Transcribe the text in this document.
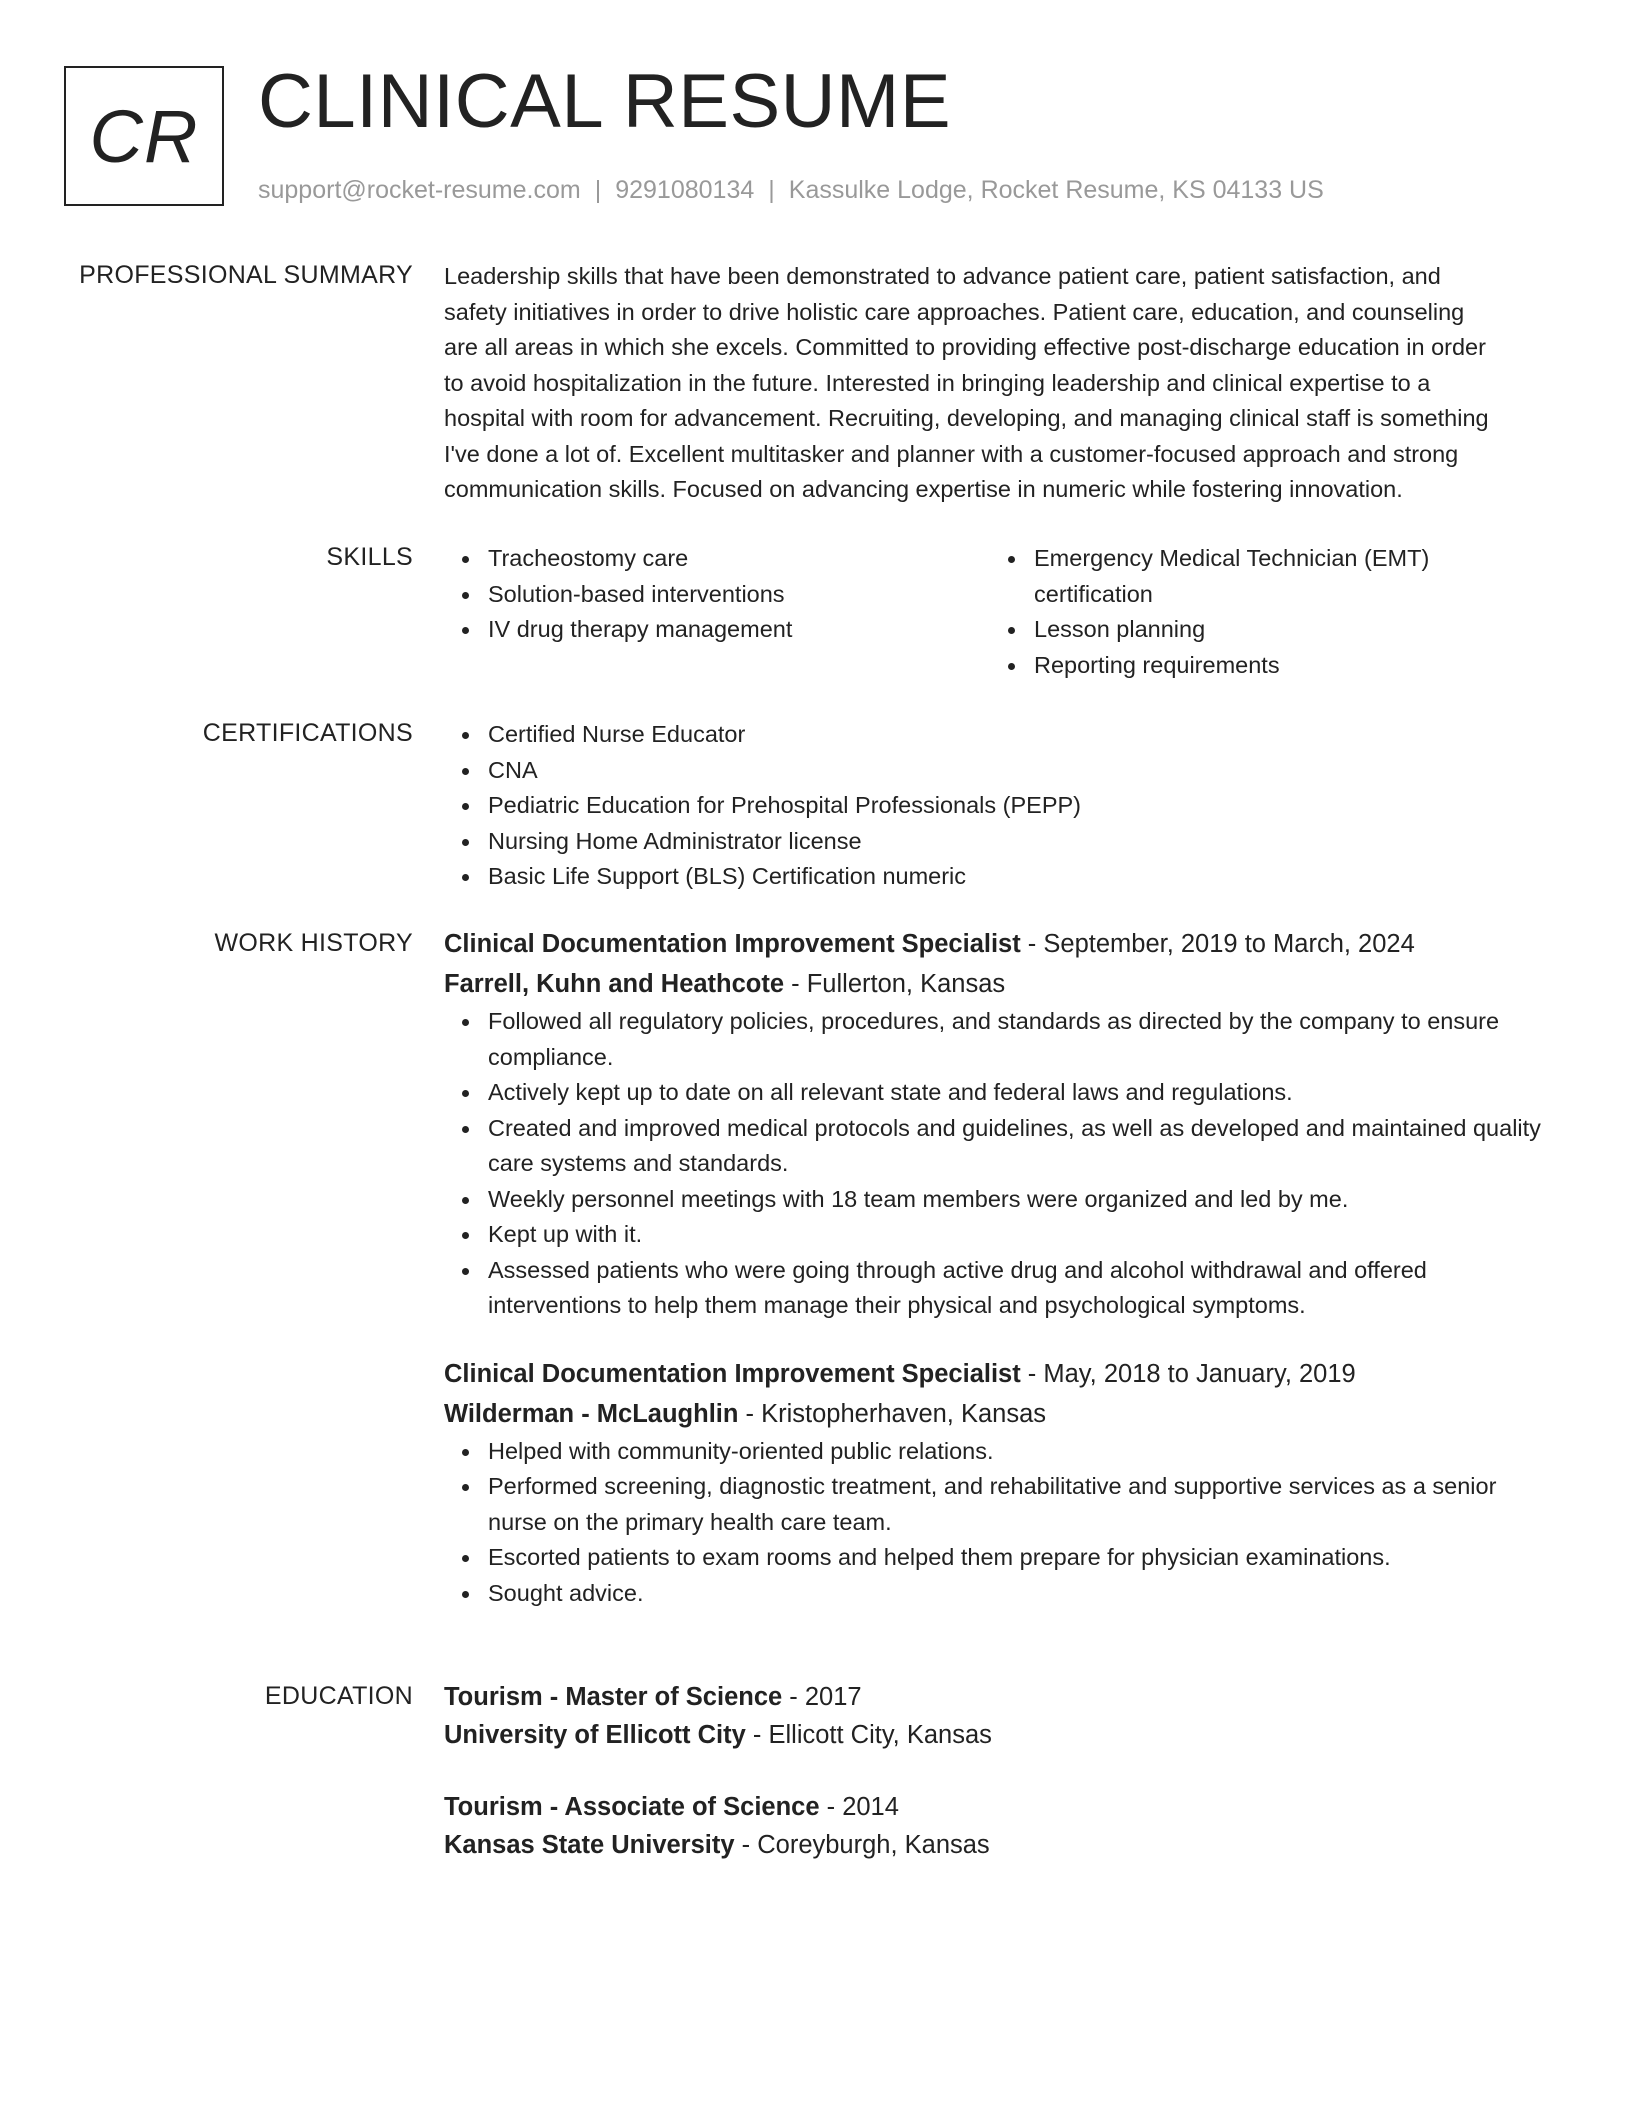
CR CLINICAL RESUME
support@rocket-resume.com | 9291080134 | Kassulke Lodge, Rocket Resume, KS 04133 US
PROFESSIONAL SUMMARY Leadership skills that have been demonstrated to advance patient care, patient satisfaction, and
safety initiatives in order to drive holistic care approaches. Patient care, education, and counseling
are all areas in which she excels. Committed to providing effective post-discharge education in order
to avoid hospitalization in the future. Interested in bringing leadership and clinical expertise to a
hospital with room for advancement. Recruiting, developing, and managing clinical staff is something
I've done a lot of. Excellent multitasker and planner with a customer-focused approach and strong
communication skills. Focused on advancing expertise in numeric while fostering innovation.
SKILLS	Tracheostomy care
Solution-based interventions
IV drug therapy management
Emergency Medical Technician (EMT) certification
Lesson planning
Reporting requirements
CERTIFICATIONS	Certified Nurse Educator
CNA
Pediatric Education for Prehospital Professionals (PEPP)
Nursing Home Administrator license
Basic Life Support (BLS) Certification numeric
WORK HISTORY Clinical Documentation Improvement Specialist - September, 2019 to March, 2024
Farrell, Kuhn and Heathcote - Fullerton, Kansas
Followed all regulatory policies, procedures, and standards as directed by the company to ensure compliance.
Actively kept up to date on all relevant state and federal laws and regulations.
Created and improved medical protocols and guidelines, as well as developed and maintained quality care systems and standards.
Weekly personnel meetings with 18 team members were organized and led by me.
Kept up with it.
Assessed patients who were going through active drug and alcohol withdrawal and offered interventions to help them manage their physical and psychological symptoms.
Clinical Documentation Improvement Specialist - May, 2018 to January, 2019
Wilderman - McLaughlin - Kristopherhaven, Kansas
Helped with community-oriented public relations.
Performed screening, diagnostic treatment, and rehabilitative and supportive services as a senior nurse on the primary health care team.
Escorted patients to exam rooms and helped them prepare for physician examinations.
Sought advice.
EDUCATION Tourism - Master of Science - 2017
University of Ellicott City - Ellicott City, Kansas
Tourism - Associate of Science - 2014
Kansas State University - Coreyburgh, Kansas
